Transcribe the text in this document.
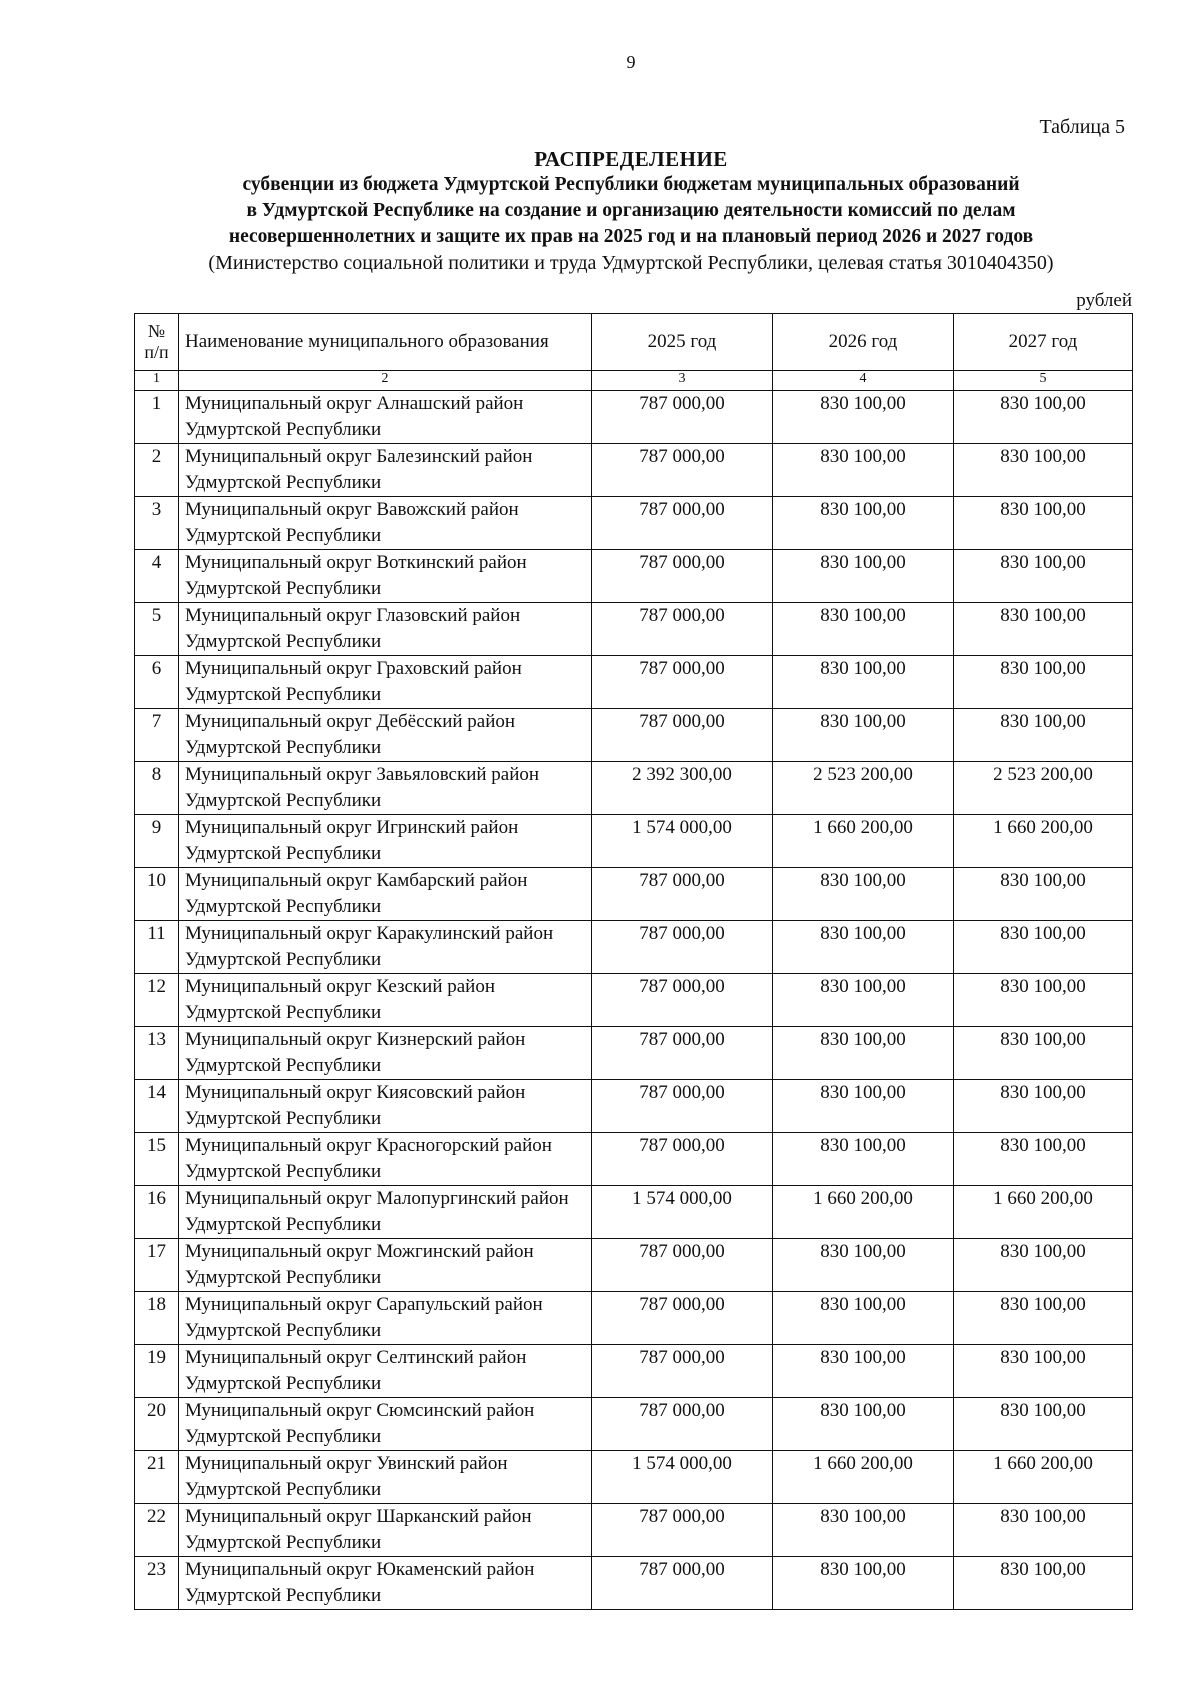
9
Таблица 5
РАСПРЕДЕЛЕНИЕ
субвенции из бюджета Удмуртской Республики бюджетам муниципальных образований
в Удмуртской Республике на создание и организацию деятельности комиссий по делам
несовершеннолетних и защите их прав на 2025 год и на плановый период 2026 и 2027 годов
(Министерство социальной политики и труда Удмуртской Республики, целевая статья 3010404350)
рублей
№
п/п	Наименование муниципального образования	2025 год	2026 год	2027 год
1	2	3	4	5
1	Муниципальный округ Алнашский район Удмуртской Республики	787 000,00	830 100,00	830 100,00
2	Муниципальный округ Балезинский район Удмуртской Республики	787 000,00	830 100,00	830 100,00
3	Муниципальный округ Вавожский район Удмуртской Республики	787 000,00	830 100,00	830 100,00
4	Муниципальный округ Воткинский район Удмуртской Республики	787 000,00	830 100,00	830 100,00
5	Муниципальный округ Глазовский район Удмуртской Республики	787 000,00	830 100,00	830 100,00
6	Муниципальный округ Граховский район Удмуртской Республики	787 000,00	830 100,00	830 100,00
7	Муниципальный округ Дебёсский район Удмуртской Республики	787 000,00	830 100,00	830 100,00
8	Муниципальный округ Завьяловский район Удмуртской Республики	2 392 300,00	2 523 200,00	2 523 200,00
9	Муниципальный округ Игринский район Удмуртской Республики	1 574 000,00	1 660 200,00	1 660 200,00
10	Муниципальный округ Камбарский район Удмуртской Республики	787 000,00	830 100,00	830 100,00
11	Муниципальный округ Каракулинский район Удмуртской Республики	787 000,00	830 100,00	830 100,00
12	Муниципальный округ Кезский район Удмуртской Республики	787 000,00	830 100,00	830 100,00
13	Муниципальный округ Кизнерский район Удмуртской Республики	787 000,00	830 100,00	830 100,00
14	Муниципальный округ Киясовский район Удмуртской Республики	787 000,00	830 100,00	830 100,00
15	Муниципальный округ Красногорский район Удмуртской Республики	787 000,00	830 100,00	830 100,00
16	Муниципальный округ Малопургинский район Удмуртской Республики	1 574 000,00	1 660 200,00	1 660 200,00
17	Муниципальный округ Можгинский район Удмуртской Республики	787 000,00	830 100,00	830 100,00
18	Муниципальный округ Сарапульский район Удмуртской Республики	787 000,00	830 100,00	830 100,00
19	Муниципальный округ Селтинский район Удмуртской Республики	787 000,00	830 100,00	830 100,00
20	Муниципальный округ Сюмсинский район Удмуртской Республики	787 000,00	830 100,00	830 100,00
21	Муниципальный округ Увинский район Удмуртской Республики	1 574 000,00	1 660 200,00	1 660 200,00
22	Муниципальный округ Шарканский район Удмуртской Республики	787 000,00	830 100,00	830 100,00
23	Муниципальный округ Юкаменский район Удмуртской Республики	787 000,00	830 100,00	830 100,00
